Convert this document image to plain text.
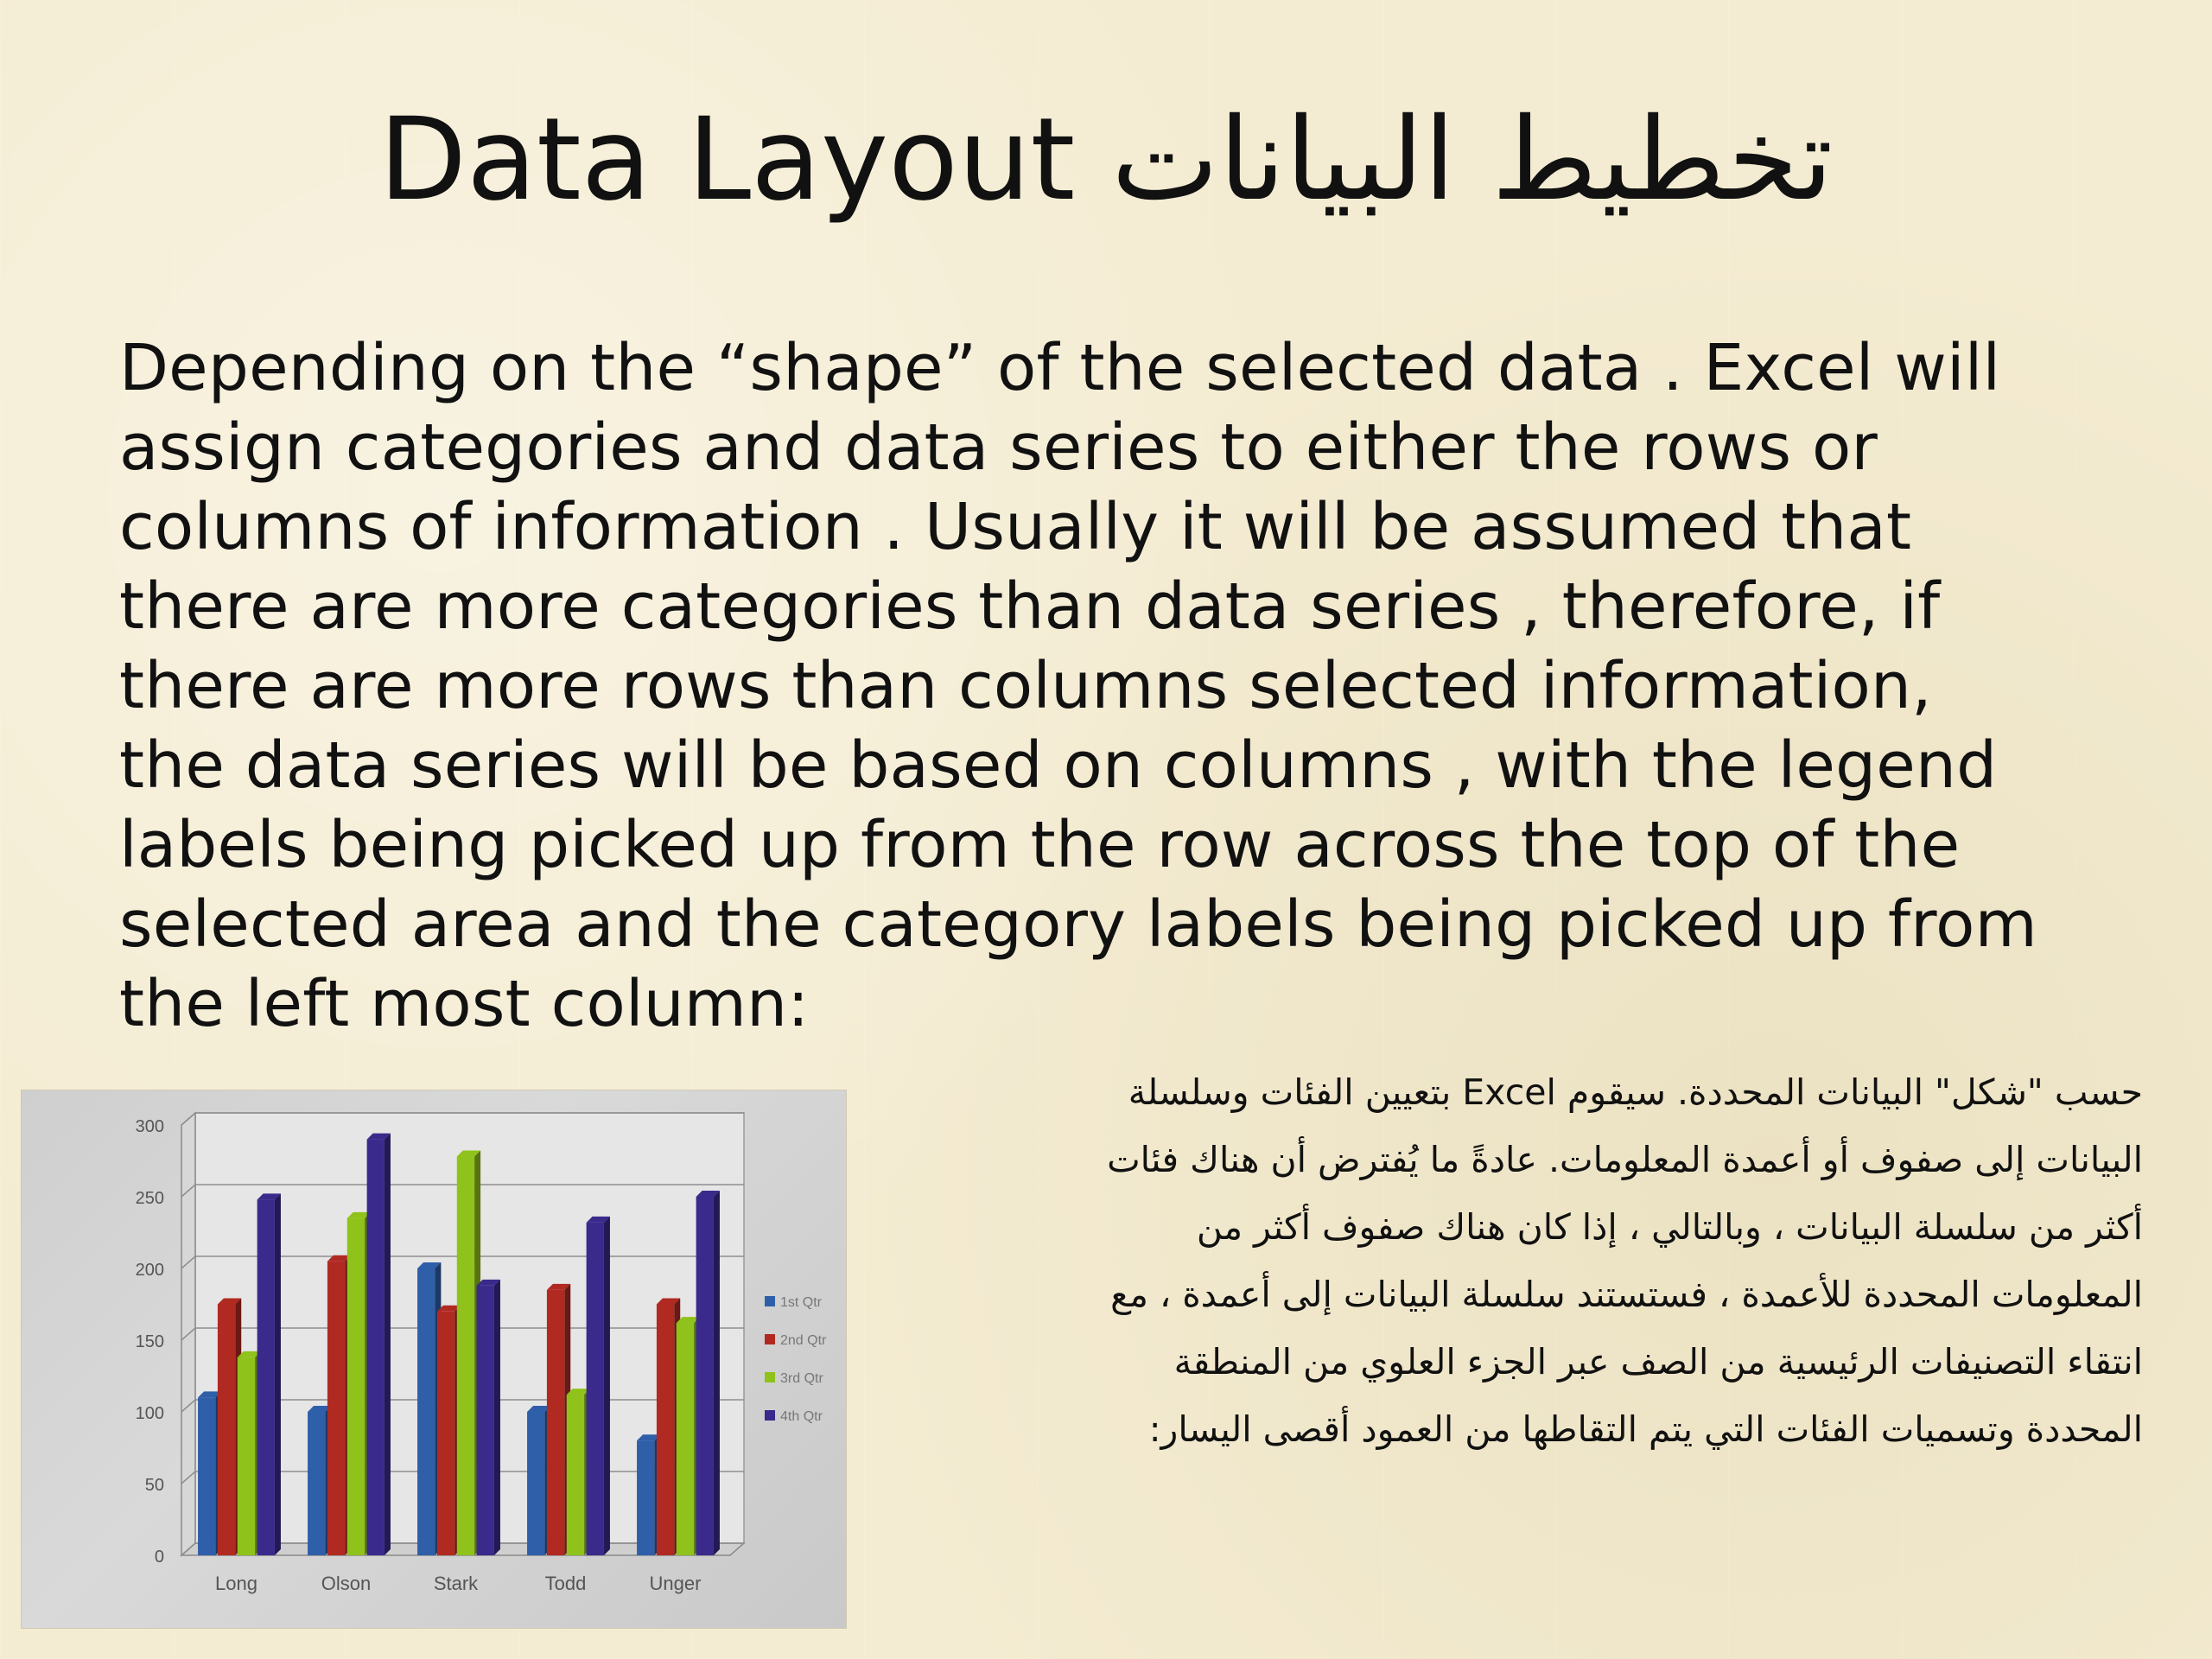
Data Layout تخطيط البيانات
Depending on the “shape” of the selected data . Excel will
assign categories and data series to either the rows or
columns of information . Usually it will be assumed that
there are more categories than data series , therefore, if
there are more rows than columns selected information,
the data series will be based on columns , with the legend
labels being picked up from the row across the top of the
selected area and the category labels being picked up from
the left most column:
حسب "شكل" البيانات المحددة. سيقوم Excel بتعيين الفئات وسلسلة
البيانات إلى صفوف أو أعمدة المعلومات. عادةً ما يُفترض أن هناك فئات
أكثر من سلسلة البيانات ، وبالتالي ، إذا كان هناك صفوف أكثر من
المعلومات المحددة للأعمدة ، فستستند سلسلة البيانات إلى أعمدة ، مع
انتقاء التصنيفات الرئيسية من الصف عبر الجزء العلوي من المنطقة
المحددة وتسميات الفئات التي يتم التقاطها من العمود أقصى اليسار:
0
50
100
150
200
250
300
Long	Olson	Stark	Todd	Unger
1st Qtr
2nd Qtr
3rd Qtr
4th Qtr
